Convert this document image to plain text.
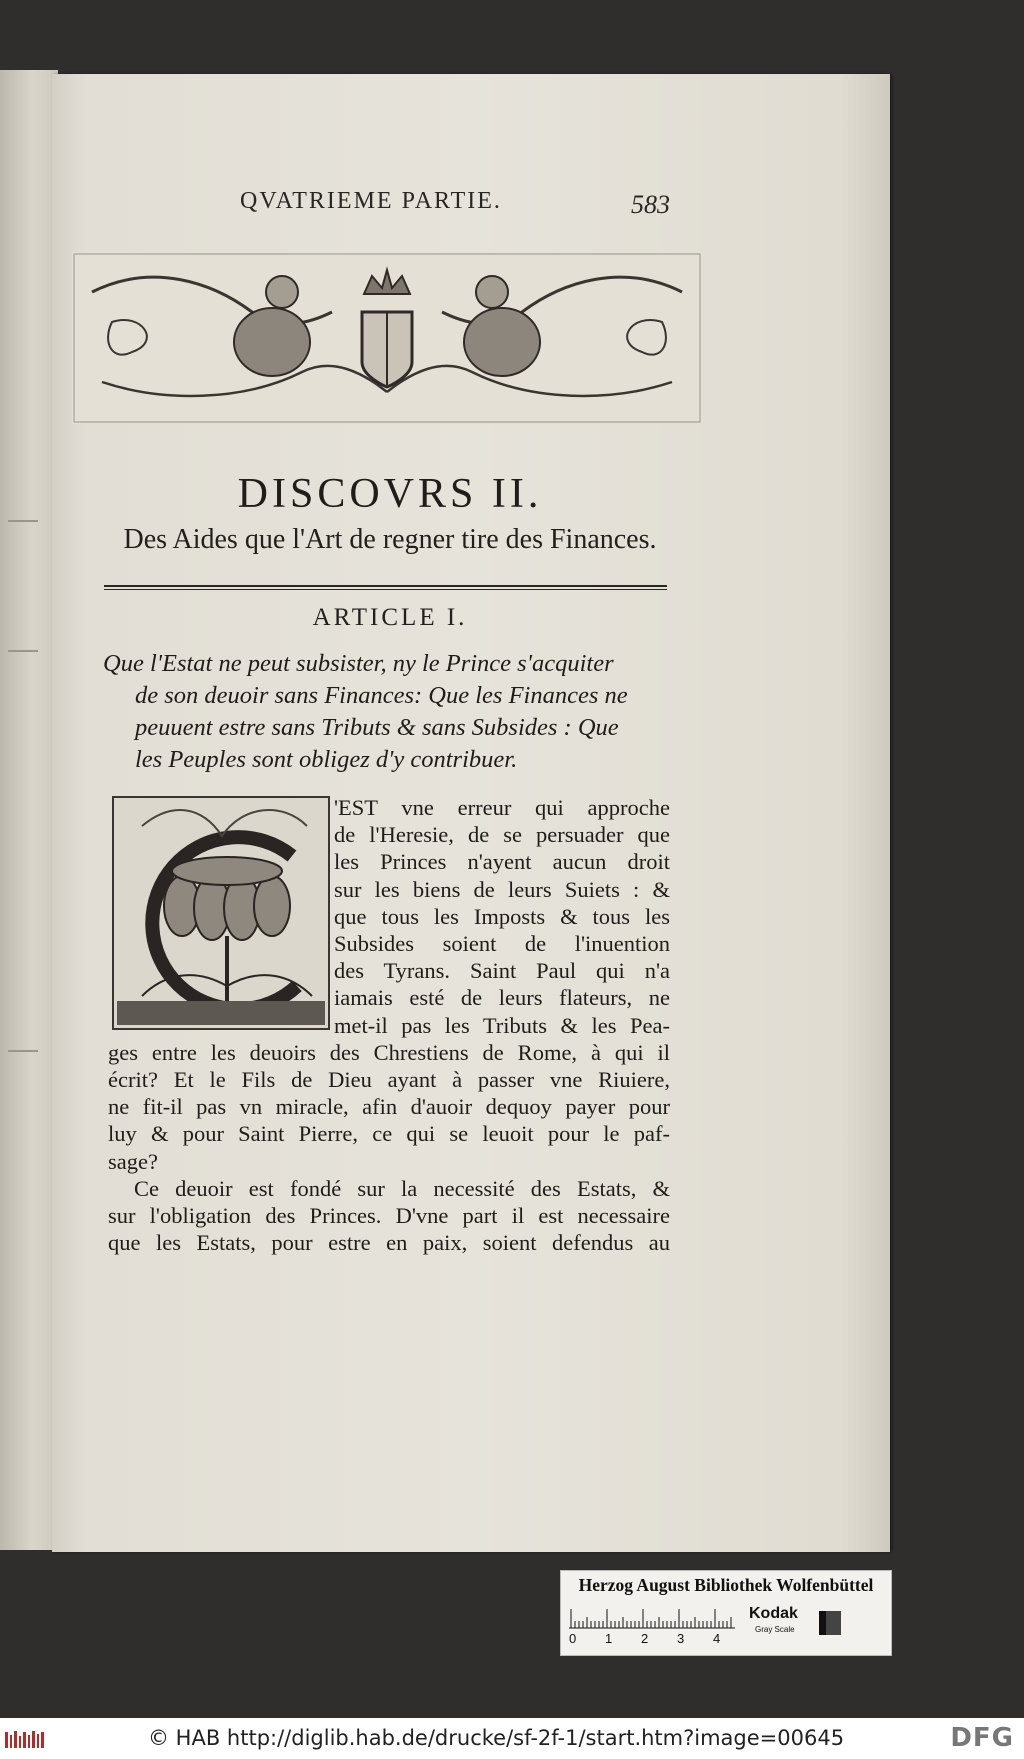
QVATRIEME PARTIE.	583
DISCOVRS II.
Des Aides que l'Art de regner tire des Finances.
ARTICLE I.
Que l'Estat ne peut subsister, ny le Prince s'acquiter
de son deuoir sans Finances: Que les Finances ne
peuuent estre sans Tributs & sans Subsides : Que
les Peuples sont obligez d'y contribuer.
'EST vne erreur qui approche
de l'Heresie, de se persuader que
les Princes n'ayent aucun droit
sur les biens de leurs Suiets : &
que tous les Imposts & tous les
Subsides soient de l'inuention
des Tyrans. Saint Paul qui n'a
iamais esté de leurs flateurs, ne
met-il pas les Tributs & les Pea-
ges entre les deuoirs des Chrestiens de Rome, à qui il
écrit? Et le Fils de Dieu ayant à passer vne Riuiere,
ne fit-il pas vn miracle, afin d'auoir dequoy payer pour
luy & pour Saint Pierre, ce qui se leuoit pour le paf-
sage?
Ce deuoir est fondé sur la necessité des Estats, &
sur l'obligation des Princes. D'vne part il est necessaire
que les Estats, pour estre en paix, soient defendus au
Herzog August Bibliothek Wolfenbüttel
0 1 2 3 4
Kodak
Gray Scale
© HAB http://diglib.hab.de/drucke/sf-2f-1/start.htm?image=00645	DFG
